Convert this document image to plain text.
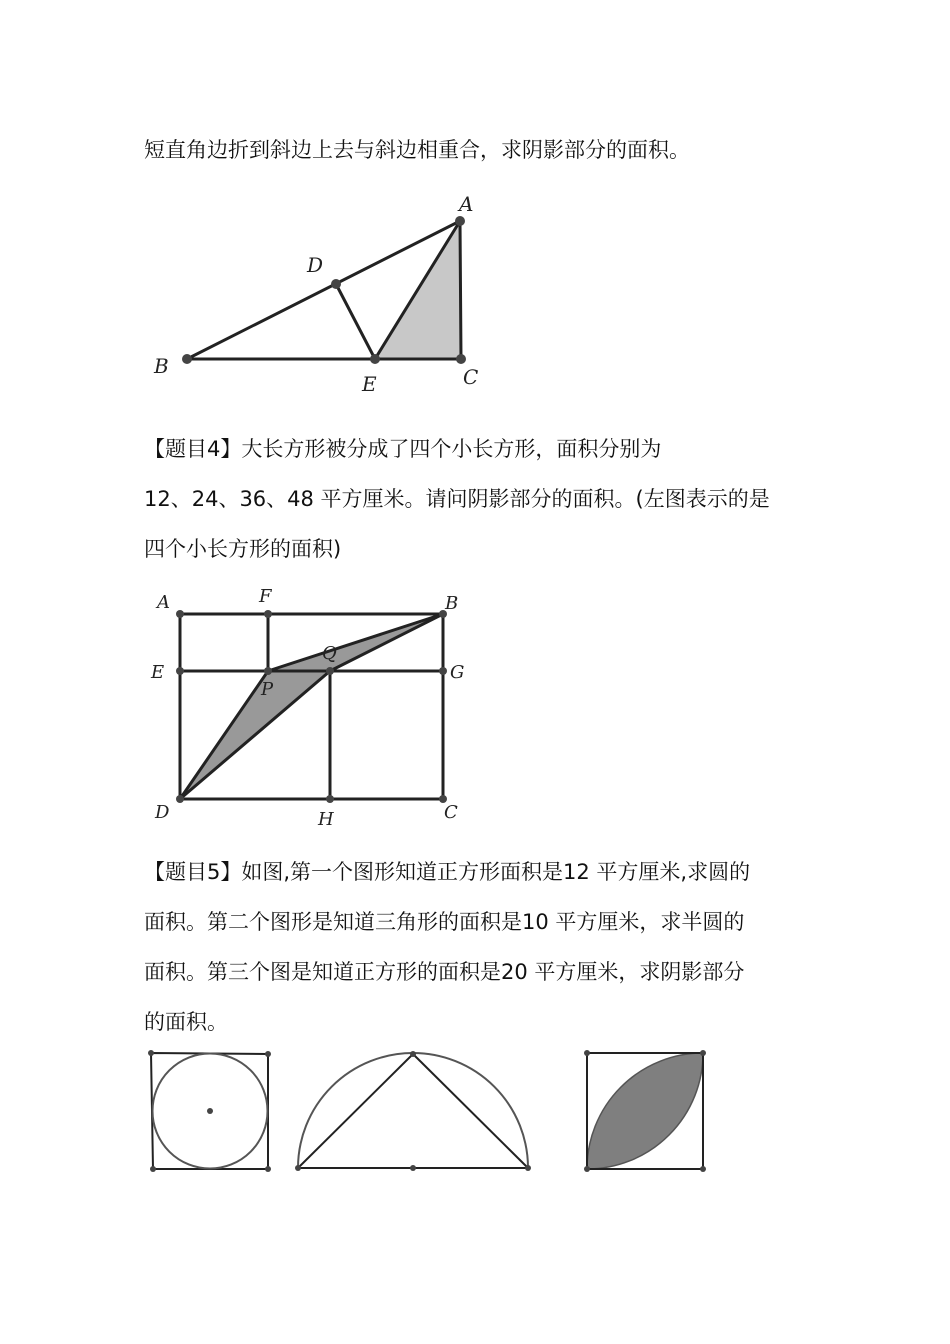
短直角边折到斜边上去与斜边相重合，求阴影部分的面积。
【题目4】大长方形被分成了四个小长方形，面积分别为
12、24、36、48 平方厘米。请问阴影部分的面积。(左图表示的是
四个小长方形的面积)
【题目5】如图,第一个图形知道正方形面积是12 平方厘米,求圆的
面积。第二个图形是知道三角形的面积是10 平方厘米，求半圆的
面积。第三个图是知道正方形的面积是20 平方厘米，求阴影部分
的面积。
A
B	C
D
E
A	F	B
E
P
Q
G
D	H	C
